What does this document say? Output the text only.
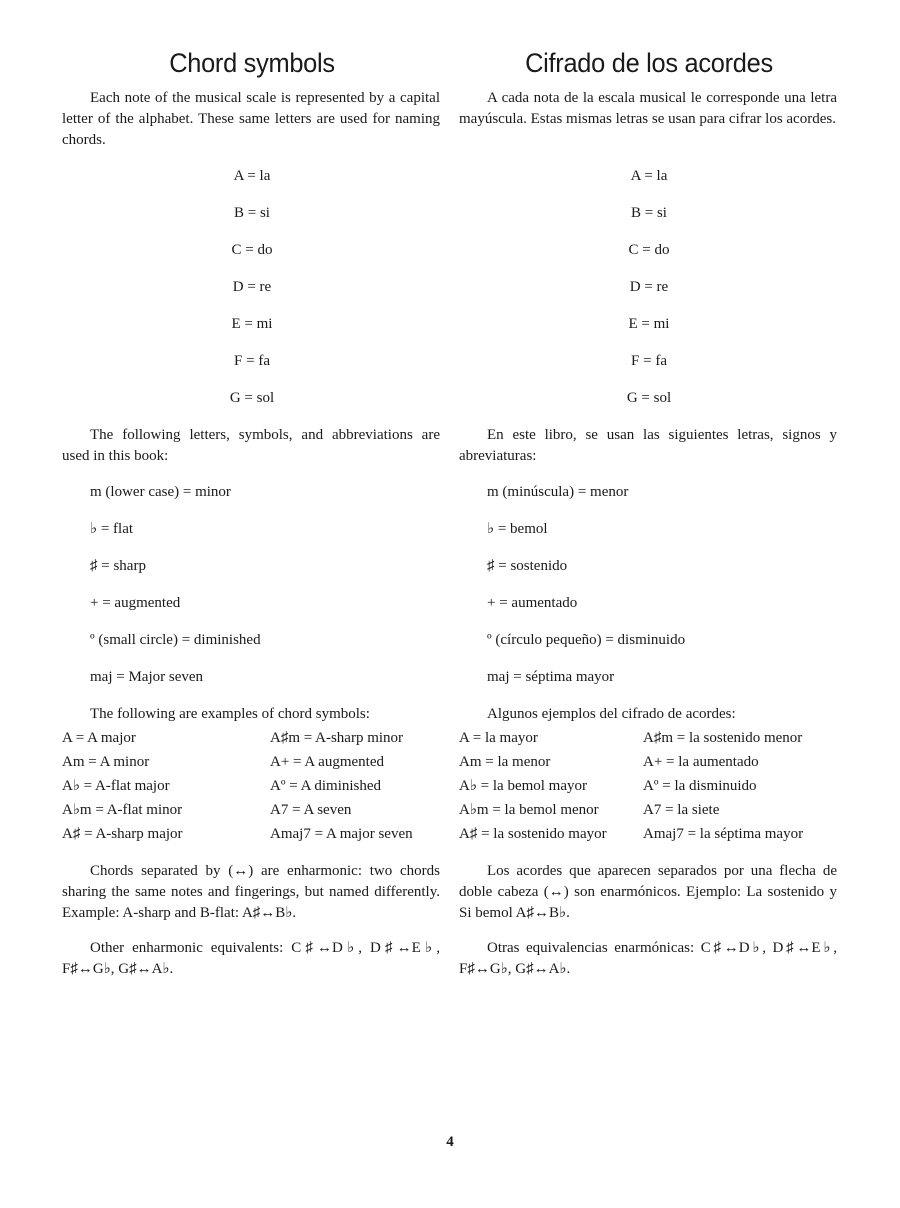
Chord symbols

Each note of the musical scale is represented by a capital letter of the alphabet. These same letters are used for naming chords.

A = la
B = si
C = do
D = re
E = mi
F = fa
G = sol

The following letters, symbols, and abbreviations are used in this book:

m (lower case) = minor
♭ = flat
♯ = sharp
+ = augmented
º (small circle) = diminished
maj = Major seven
The following are examples of chord symbols:
A = A major
Am = A minor
A♭ = A-flat major
A♭m = A-flat minor
A♯ = A-sharp major
A♯m = A-sharp minor
A+ = A augmented
Aº = A diminished
A7 = A seven
Amaj7 = A major seven

Chords separated by (↔) are enharmonic: two chords sharing the same notes and fingerings, but named differently. Example: A-sharp and B-flat: A♯↔B♭.

Other enharmonic equivalents: C♯↔D♭, D♯↔E♭, F♯↔G♭, G♯↔A♭.

Cifrado de los acordes

A cada nota de la escala musical le corresponde una letra mayúscula. Estas mismas letras se usan para cifrar los acordes.

A = la
B = si
C = do
D = re
E = mi
F = fa
G = sol

En este libro, se usan las siguientes letras, signos y abreviaturas:

m (minúscula) = menor
♭ = bemol
♯ = sostenido
+ = aumentado
º (círculo pequeño) = disminuido
maj = séptima mayor
Algunos ejemplos del cifrado de acordes:
A = la mayor
Am = la menor
A♭ = la bemol mayor
A♭m = la bemol menor
A♯ = la sostenido mayor
A♯m = la sostenido menor
A+ = la aumentado
Aº = la disminuido
A7 = la siete
Amaj7 = la séptima mayor

Los acordes que aparecen separados por una flecha de doble cabeza (↔) son enarmónicos. Ejemplo: La sostenido y Si bemol A♯↔B♭.

Otras equivalencias enarmónicas: C♯↔D♭, D♯↔E♭, F♯↔G♭, G♯↔A♭.

4
